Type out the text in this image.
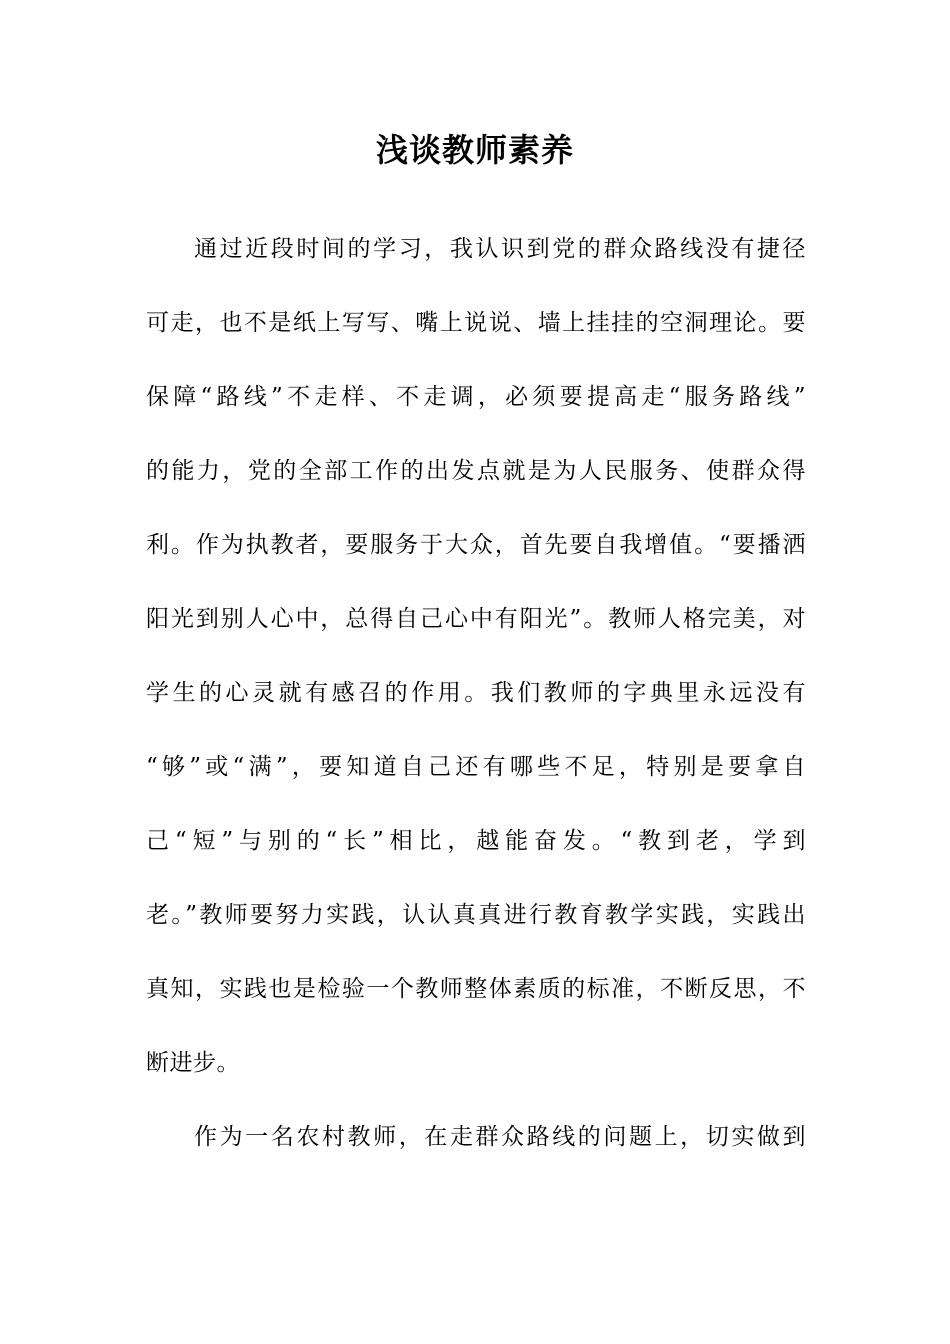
浅谈教师素养
通过近段时间的学习，我认识到党的群众路线没有捷径
可走，也不是纸上写写、嘴上说说、墙上挂挂的空洞理论。要
保障“路线”不走样、不走调，必须要提高走“服务路线”
的能力，党的全部工作的出发点就是为人民服务、使群众得
利。作为执教者，要服务于大众，首先要自我增值。“要播洒
阳光到别人心中，总得自己心中有阳光”。教师人格完美，对
学生的心灵就有感召的作用。我们教师的字典里永远没有
“够”或“满”，要知道自己还有哪些不足，特别是要拿自
己“短”与别的“长”相比，越能奋发。“教到老，学到
老。”教师要努力实践，认认真真进行教育教学实践，实践出
真知，实践也是检验一个教师整体素质的标准，不断反思，不
断进步。
作为一名农村教师，在走群众路线的问题上，切实做到
